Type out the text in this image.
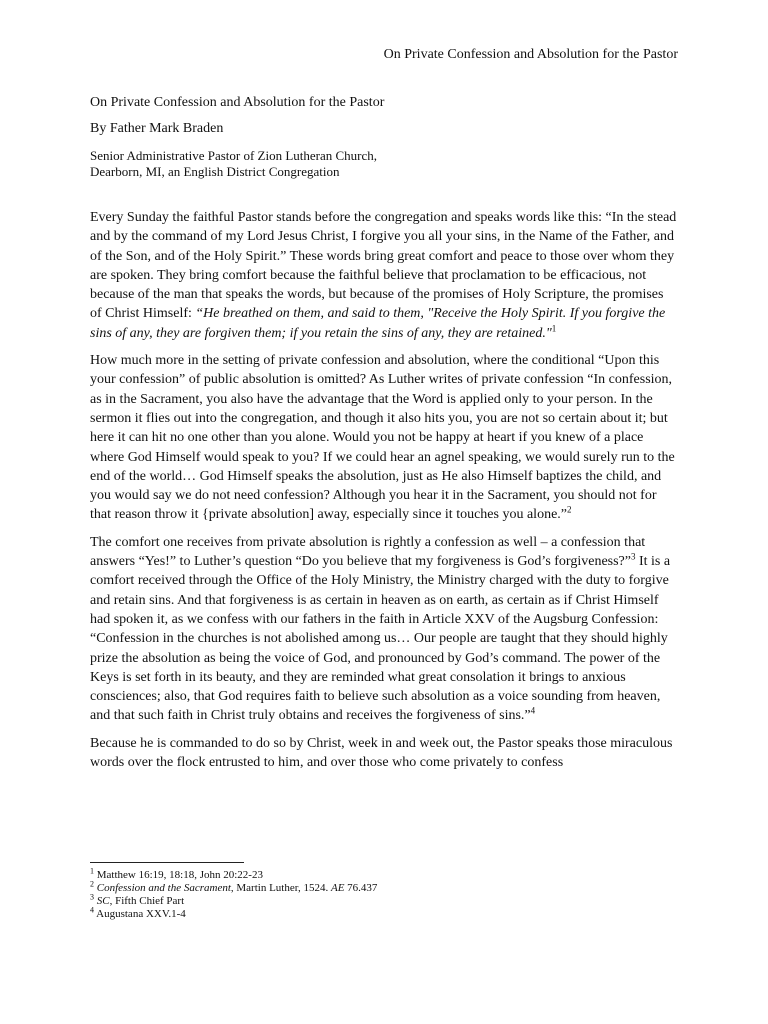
On Private Confession and Absolution for the Pastor

On Private Confession and Absolution for the Pastor

By Father Mark Braden

Senior Administrative Pastor of Zion Lutheran Church,
Dearborn, MI, an English District Congregation

Every Sunday the faithful Pastor stands before the congregation and speaks words like this: “In the stead and by the command of my Lord Jesus Christ, I forgive you all your sins, in the Name of the Father, and of the Son, and of the Holy Spirit.” These words bring great comfort and peace to those over whom they are spoken. They bring comfort because the faithful believe that proclamation to be efficacious, not because of the man that speaks the words, but because of the promises of Holy Scripture, the promises of Christ Himself: “He breathed on them, and said to them, "Receive the Holy Spirit. If you forgive the sins of any, they are forgiven them; if you retain the sins of any, they are retained."$^1$

How much more in the setting of private confession and absolution, where the conditional “Upon this your confession” of public absolution is omitted? As Luther writes of private confession “In confession, as in the Sacrament, you also have the advantage that the Word is applied only to your person. In the sermon it flies out into the congregation, and though it also hits you, you are not so certain about it; but here it can hit no one other than you alone. Would you not be happy at heart if you knew of a place where God Himself would speak to you? If we could hear an agnel speaking, we would surely run to the end of the world… God Himself speaks the absolution, just as He also Himself baptizes the child, and you would say we do not need confession? Although you hear it in the Sacrament, you should not for that reason throw it {private absolution] away, especially since it touches you alone.”$^2$

The comfort one receives from private absolution is rightly a confession as well – a confession that answers “Yes!” to Luther’s question “Do you believe that my forgiveness is God’s forgiveness?”$^3$ It is a comfort received through the Office of the Holy Ministry, the Ministry charged with the duty to forgive and retain sins. And that forgiveness is as certain in heaven as on earth, as certain as if Christ Himself had spoken it, as we confess with our fathers in the faith in Article XXV of the Augsburg Confession: “Confession in the churches is not abolished among us… Our people are taught that they should highly prize the absolution as being the voice of God, and pronounced by God’s command. The power of the Keys is set forth in its beauty, and they are reminded what great consolation it brings to anxious consciences; also, that God requires faith to believe such absolution as a voice sounding from heaven, and that such faith in Christ truly obtains and receives the forgiveness of sins.”$^4$

Because he is commanded to do so by Christ, week in and week out, the Pastor speaks those miraculous words over the flock entrusted to him, and over those who come privately to confess

$^1$ Matthew 16:19, 18:18, John 20:22-23
$^2$ Confession and the Sacrament, Martin Luther, 1524. AE 76.437
$^3$ SC, Fifth Chief Part
$^4$ Augustana XXV.1-4
